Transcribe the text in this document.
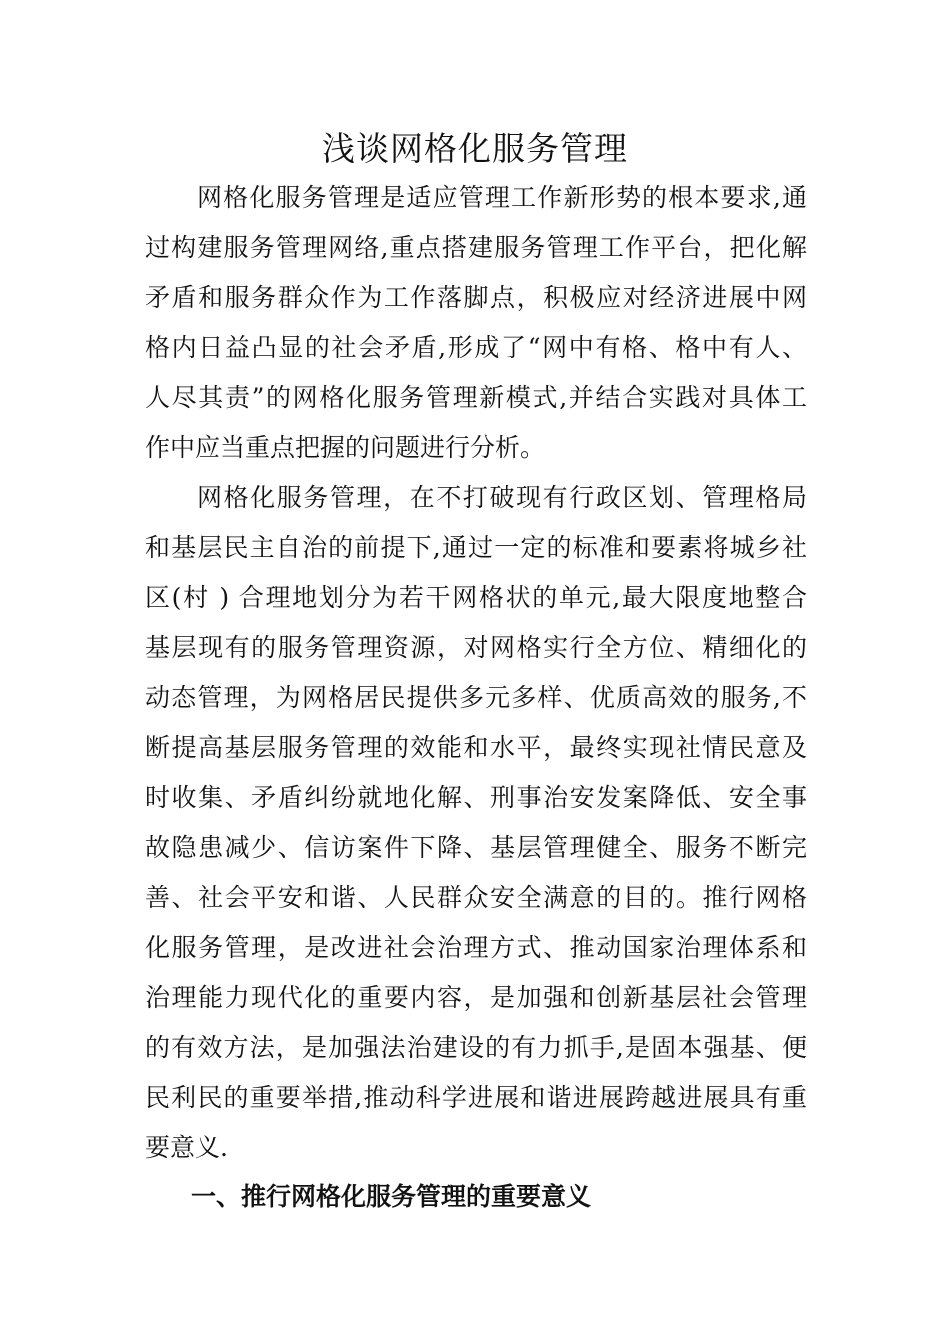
浅谈网格化服务管理
网格化服务管理是适应管理工作新形势的根本要求,通
过构建服务管理网络,重点搭建服务管理工作平台，把化解
矛盾和服务群众作为工作落脚点，积极应对经济进展中网
格内日益凸显的社会矛盾,形成了“网中有格、格中有人、
人尽其责”的网格化服务管理新模式,并结合实践对具体工
作中应当重点把握的问题进行分析。
网格化服务管理，在不打破现有行政区划、管理格局
和基层民主自治的前提下,通过一定的标准和要素将城乡社
区(村 ) 合理地划分为若干网格状的单元,最大限度地整合
基层现有的服务管理资源，对网格实行全方位、精细化的
动态管理，为网格居民提供多元多样、优质高效的服务,不
断提高基层服务管理的效能和水平，最终实现社情民意及
时收集、矛盾纠纷就地化解、刑事治安发案降低、安全事
故隐患减少、信访案件下降、基层管理健全、服务不断完
善、社会平安和谐、人民群众安全满意的目的。推行网格
化服务管理，是改进社会治理方式、推动国家治理体系和
治理能力现代化的重要内容，是加强和创新基层社会管理
的有效方法，是加强法治建设的有力抓手,是固本强基、便
民利民的重要举措,推动科学进展和谐进展跨越进展具有重
要意义.
一、推行网格化服务管理的重要意义
